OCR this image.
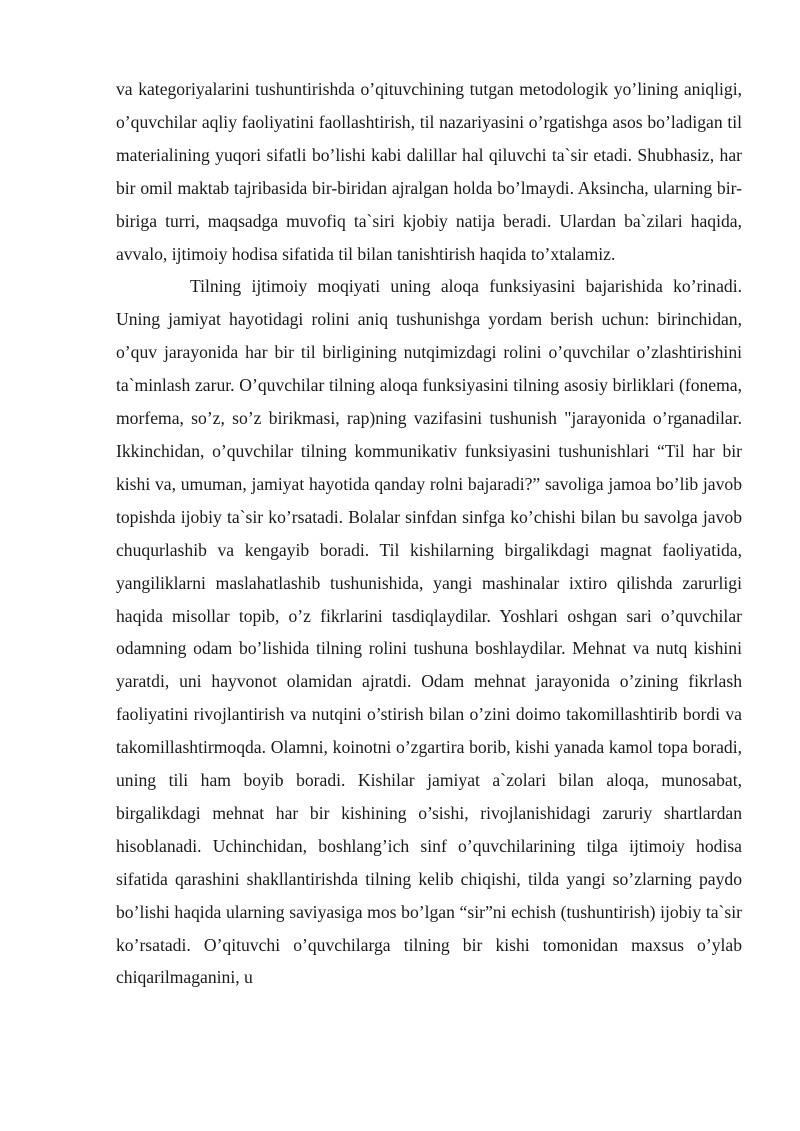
va kategoriyalarini tushuntirishda o’qituvchining tutgan metodologik yo’lining aniqligi, o’quvchilar aqliy faoliyatini faollashtirish, til nazariyasini o’rgatishga asos bo’ladigan til materialining yuqori sifatli bo’lishi kabi dalillar hal qiluvchi ta`sir etadi. Shubhasiz, har bir omil maktab tajribasida bir-biridan ajralgan holda bo’lmaydi. Aksincha, ularning bir-biriga turri, maqsadga muvofiq ta`siri kjobiy natija beradi. Ulardan ba`zilari haqida, avvalo, ijtimoiy hodisa sifatida til bilan tanishtirish haqida to’xtalamiz.

Tilning ijtimoiy moqiyati uning aloqa funksiyasini bajarishida ko’rinadi. Uning jamiyat hayotidagi rolini aniq tushunishga yordam berish uchun: birinchidan, o’quv jarayonida har bir til birligining nutqimizdagi rolini o’quvchilar o’zlashtirishini ta`minlash zarur. O’quvchilar tilning aloqa funksiyasini tilning asosiy birliklari (fonema, morfema, so’z, so’z birikmasi, rap)ning vazifasini tushunish "jarayonida o’rganadilar. Ikkinchidan, o’quvchilar tilning kommunikativ funksiyasini tushunishlari “Til har bir kishi va, umuman, jamiyat hayotida qanday rolni bajaradi?” savoliga jamoa bo’lib javob topishda ijobiy ta`sir ko’rsatadi. Bolalar sinfdan sinfga ko’chishi bilan bu savolga javob chuqurlashib va kengayib boradi. Til kishilarning birgalikdagi magnat faoliyatida, yangiliklarni maslahatlashib tushunishida, yangi mashinalar ixtiro qilishda zarurligi haqida misollar topib, o’z fikrlarini tasdiqlaydilar. Yoshlari oshgan sari o’quvchilar odamning odam bo’lishida tilning rolini tushuna boshlaydilar. Mehnat va nutq kishini yaratdi, uni hayvonot olamidan ajratdi. Odam mehnat jarayonida o’zining fikrlash faoliyatini rivojlantirish va nutqini o’stirish bilan o’zini doimo takomillashtirib bordi va takomillashtirmoqda. Olamni, koinotni o’zgartira borib, kishi yanada kamol topa boradi, uning tili ham boyib boradi. Kishilar jamiyat a`zolari bilan aloqa, munosabat, birgalikdagi mehnat har bir kishining o’sishi, rivojlanishidagi zaruriy shartlardan hisoblanadi. Uchinchidan, boshlang’ich sinf o’quvchilarining tilga ijtimoiy hodisa sifatida qarashini shakllantirishda tilning kelib chiqishi, tilda yangi so’zlarning paydo bo’lishi haqida ularning saviyasiga mos bo’lgan “sir”ni echish (tushuntirish) ijobiy ta`sir ko’rsatadi. O’qituvchi o’quvchilarga tilning bir kishi tomonidan maxsus o’ylab chiqarilmaganini, u
